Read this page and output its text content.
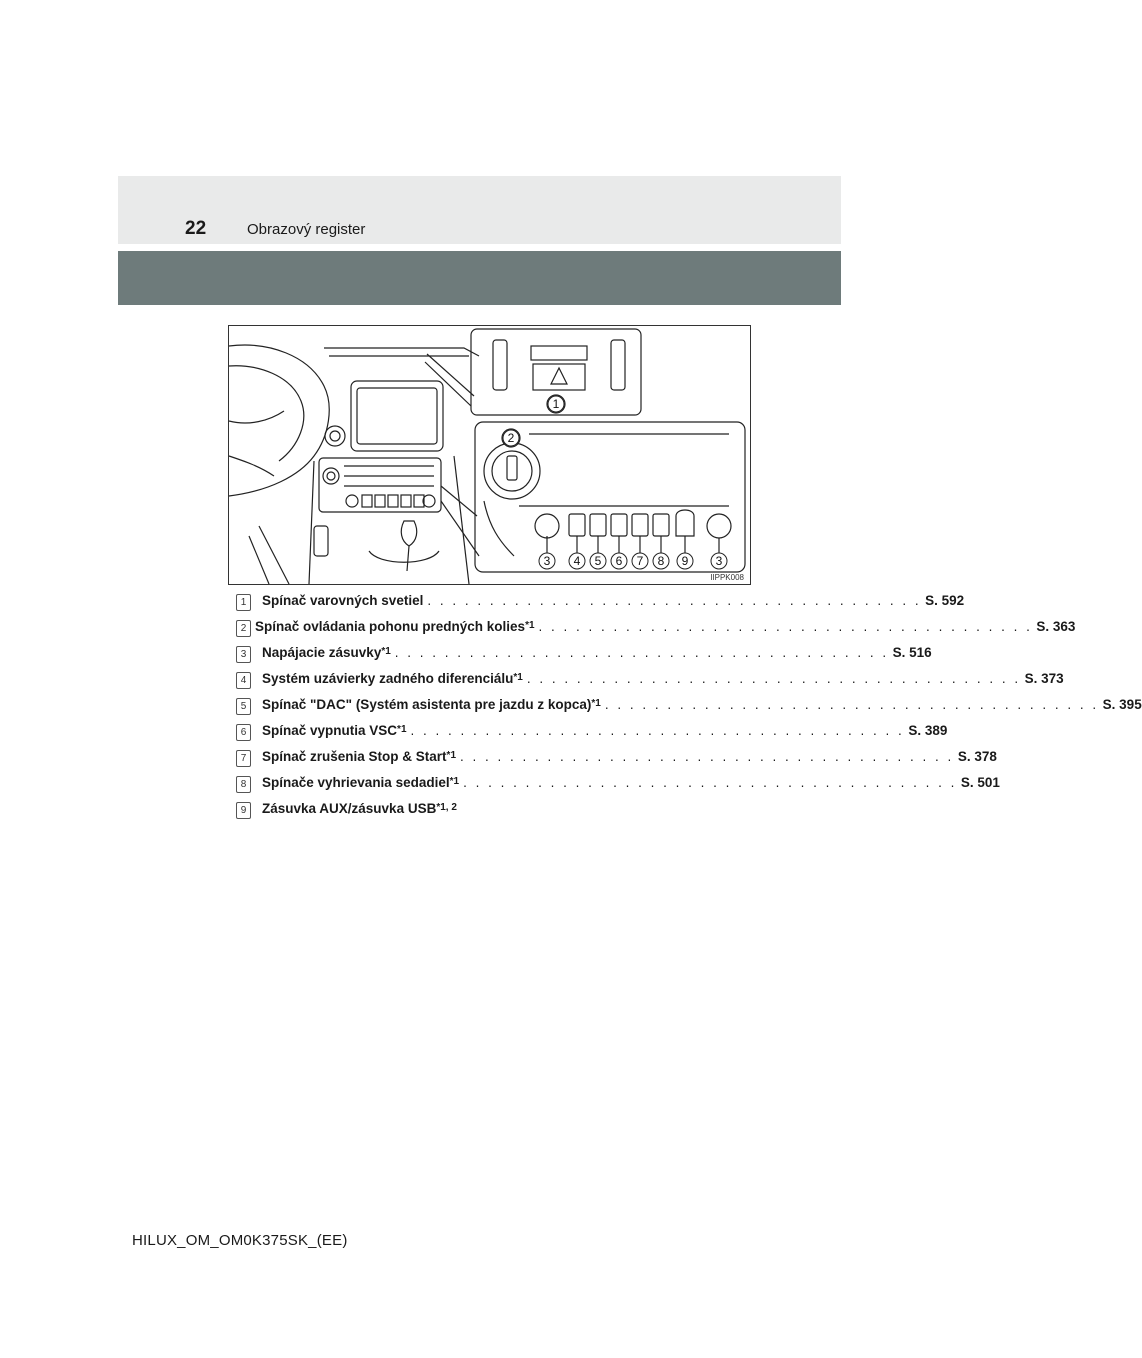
22	Obrazový register
1
2
3 4 5 6 7 8 9 3
IIPPK008
1	Spínač varovných svetiel . . . . . . . . . . . . . . . . . . . . . . . . . . . . . . . . . . . . . . . . S. 592
2 Spínač ovládania pohonu predných kolies$^{*1}$ . . . . . . . . . . . . . . . . . . . . . . . . . . . . . . . . . . . . . . . . S. 363
3	Napájacie zásuvky$^{*1}$ . . . . . . . . . . . . . . . . . . . . . . . . . . . . . . . . . . . . . . . . S. 516
4	Systém uzávierky zadného diferenciálu$^{*1}$ . . . . . . . . . . . . . . . . . . . . . . . . . . . . . . . . . . . . . . . . S. 373
5	Spínač "DAC" (Systém asistenta pre jazdu z kopca)$^{*1}$ . . . . . . . . . . . . . . . . . . . . . . . . . . . . . . . . . . . . . . . . S. 395
6	Spínač vypnutia VSC$^{*1}$ . . . . . . . . . . . . . . . . . . . . . . . . . . . . . . . . . . . . . . . . S. 389
7	Spínač zrušenia Stop & Start$^{*1}$ . . . . . . . . . . . . . . . . . . . . . . . . . . . . . . . . . . . . . . . . S. 378
8	Spínače vyhrievania sedadiel$^{*1}$ . . . . . . . . . . . . . . . . . . . . . . . . . . . . . . . . . . . . . . . . S. 501
9	Zásuvka AUX/zásuvka USB$^{*1, 2}$
HILUX_OM_OM0K375SK_(EE)
